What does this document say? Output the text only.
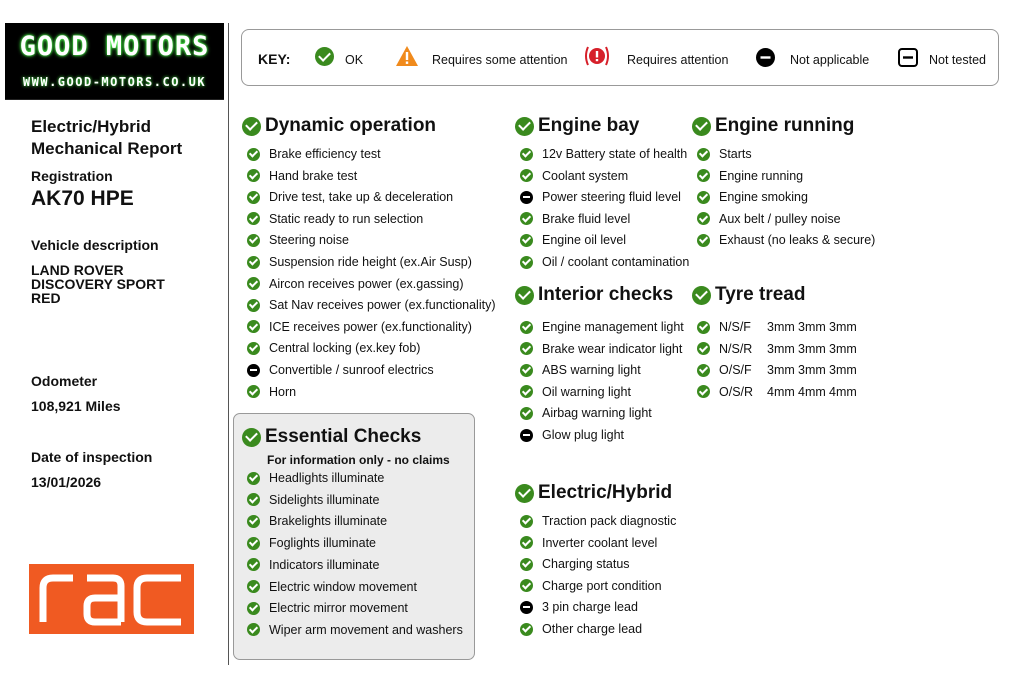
GOOD MOTORS
WWW.GOOD-MOTORS.CO.UK
Electric/Hybrid
Mechanical Report
Registration
AK70 HPE
Vehicle description
LAND ROVER
DISCOVERY SPORT
RED
Odometer
108,921 Miles
Date of inspection
13/01/2026
KEY:	OK	Requires some attention	Requires attention	Not applicable	Not tested
Dynamic operation
Brake efficiency test
Hand brake test
Drive test, take up & deceleration
Static ready to run selection
Steering noise
Suspension ride height (ex.Air Susp)
Aircon receives power (ex.gassing)
Sat Nav receives power (ex.functionality)
ICE receives power (ex.functionality)
Central locking (ex.key fob)
Convertible / sunroof electrics
Horn
Essential Checks
For information only - no claims
Headlights illuminate
Sidelights illuminate
Brakelights illuminate
Foglights illuminate
Indicators illuminate
Electric window movement
Electric mirror movement
Wiper arm movement and washers
Engine bay
12v Battery state of health
Coolant system
Power steering fluid level
Brake fluid level
Engine oil level
Oil / coolant contamination
Interior checks
Engine management light
Brake wear indicator light
ABS warning light
Oil warning light
Airbag warning light
Glow plug light
Electric/Hybrid
Traction pack diagnostic
Inverter coolant level
Charging status
Charge port condition
3 pin charge lead
Other charge lead
Engine running
Starts
Engine running
Engine smoking
Aux belt / pulley noise
Exhaust (no leaks & secure)
Tyre tread
N/S/F 3mm 3mm 3mm
N/S/R 3mm 3mm 3mm
O/S/F 3mm 3mm 3mm
O/S/R 4mm 4mm 4mm
